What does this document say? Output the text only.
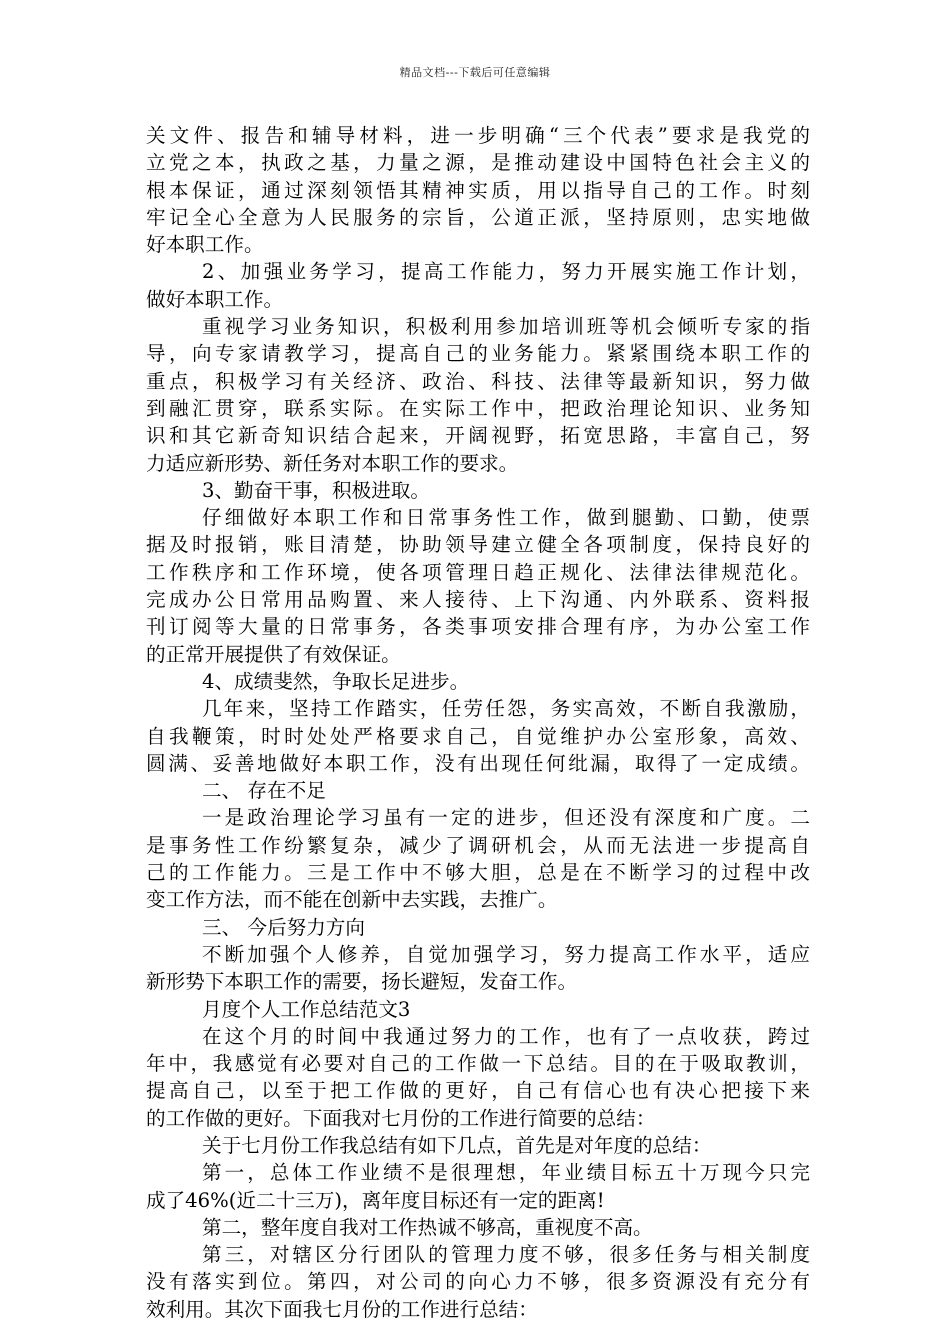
精品文档---下载后可任意编辑
关文件、报告和辅导材料，进一步明确“三个代表”要求是我党的
立党之本，执政之基，力量之源，是推动建设中国特色社会主义的
根本保证，通过深刻领悟其精神实质，用以指导自己的工作。时刻
牢记全心全意为人民服务的宗旨，公道正派，坚持原则，忠实地做
好本职工作。
2、加强业务学习，提高工作能力，努力开展实施工作计划，
做好本职工作。
重视学习业务知识，积极利用参加培训班等机会倾听专家的指
导，向专家请教学习，提高自己的业务能力。紧紧围绕本职工作的
重点，积极学习有关经济、政治、科技、法律等最新知识，努力做
到融汇贯穿，联系实际。在实际工作中，把政治理论知识、业务知
识和其它新奇知识结合起来，开阔视野，拓宽思路，丰富自己，努
力适应新形势、新任务对本职工作的要求。
3、勤奋干事，积极进取。
仔细做好本职工作和日常事务性工作，做到腿勤、口勤，使票
据及时报销，账目清楚，协助领导建立健全各项制度，保持良好的
工作秩序和工作环境，使各项管理日趋正规化、法律法律规范化。
完成办公日常用品购置、来人接待、上下沟通、内外联系、资料报
刊订阅等大量的日常事务，各类事项安排合理有序，为办公室工作
的正常开展提供了有效保证。
4、成绩斐然，争取长足进步。
几年来，坚持工作踏实，任劳任怨，务实高效，不断自我激励，
自我鞭策，时时处处严格要求自己，自觉维护办公室形象，高效、
圆满、妥善地做好本职工作，没有出现任何纰漏，取得了一定成绩。
二、 存在不足
一是政治理论学习虽有一定的进步，但还没有深度和广度。二
是事务性工作纷繁复杂，减少了调研机会，从而无法进一步提高自
己的工作能力。三是工作中不够大胆，总是在不断学习的过程中改
变工作方法，而不能在创新中去实践，去推广。
三、 今后努力方向
不断加强个人修养，自觉加强学习，努力提高工作水平，适应
新形势下本职工作的需要，扬长避短，发奋工作。
月度个人工作总结范文3
在这个月的时间中我通过努力的工作，也有了一点收获，跨过
年中，我感觉有必要对自己的工作做一下总结。目的在于吸取教训，
提高自己，以至于把工作做的更好，自己有信心也有决心把接下来
的工作做的更好。下面我对七月份的工作进行简要的总结：
关于七月份工作我总结有如下几点，首先是对年度的总结：
第一，总体工作业绩不是很理想，年业绩目标五十万现今只完
成了46%(近二十三万)，离年度目标还有一定的距离!
第二，整年度自我对工作热诚不够高，重视度不高。
第三，对辖区分行团队的管理力度不够，很多任务与相关制度
没有落实到位。第四，对公司的向心力不够，很多资源没有充分有
效利用。其次下面我七月份的工作进行总结：
